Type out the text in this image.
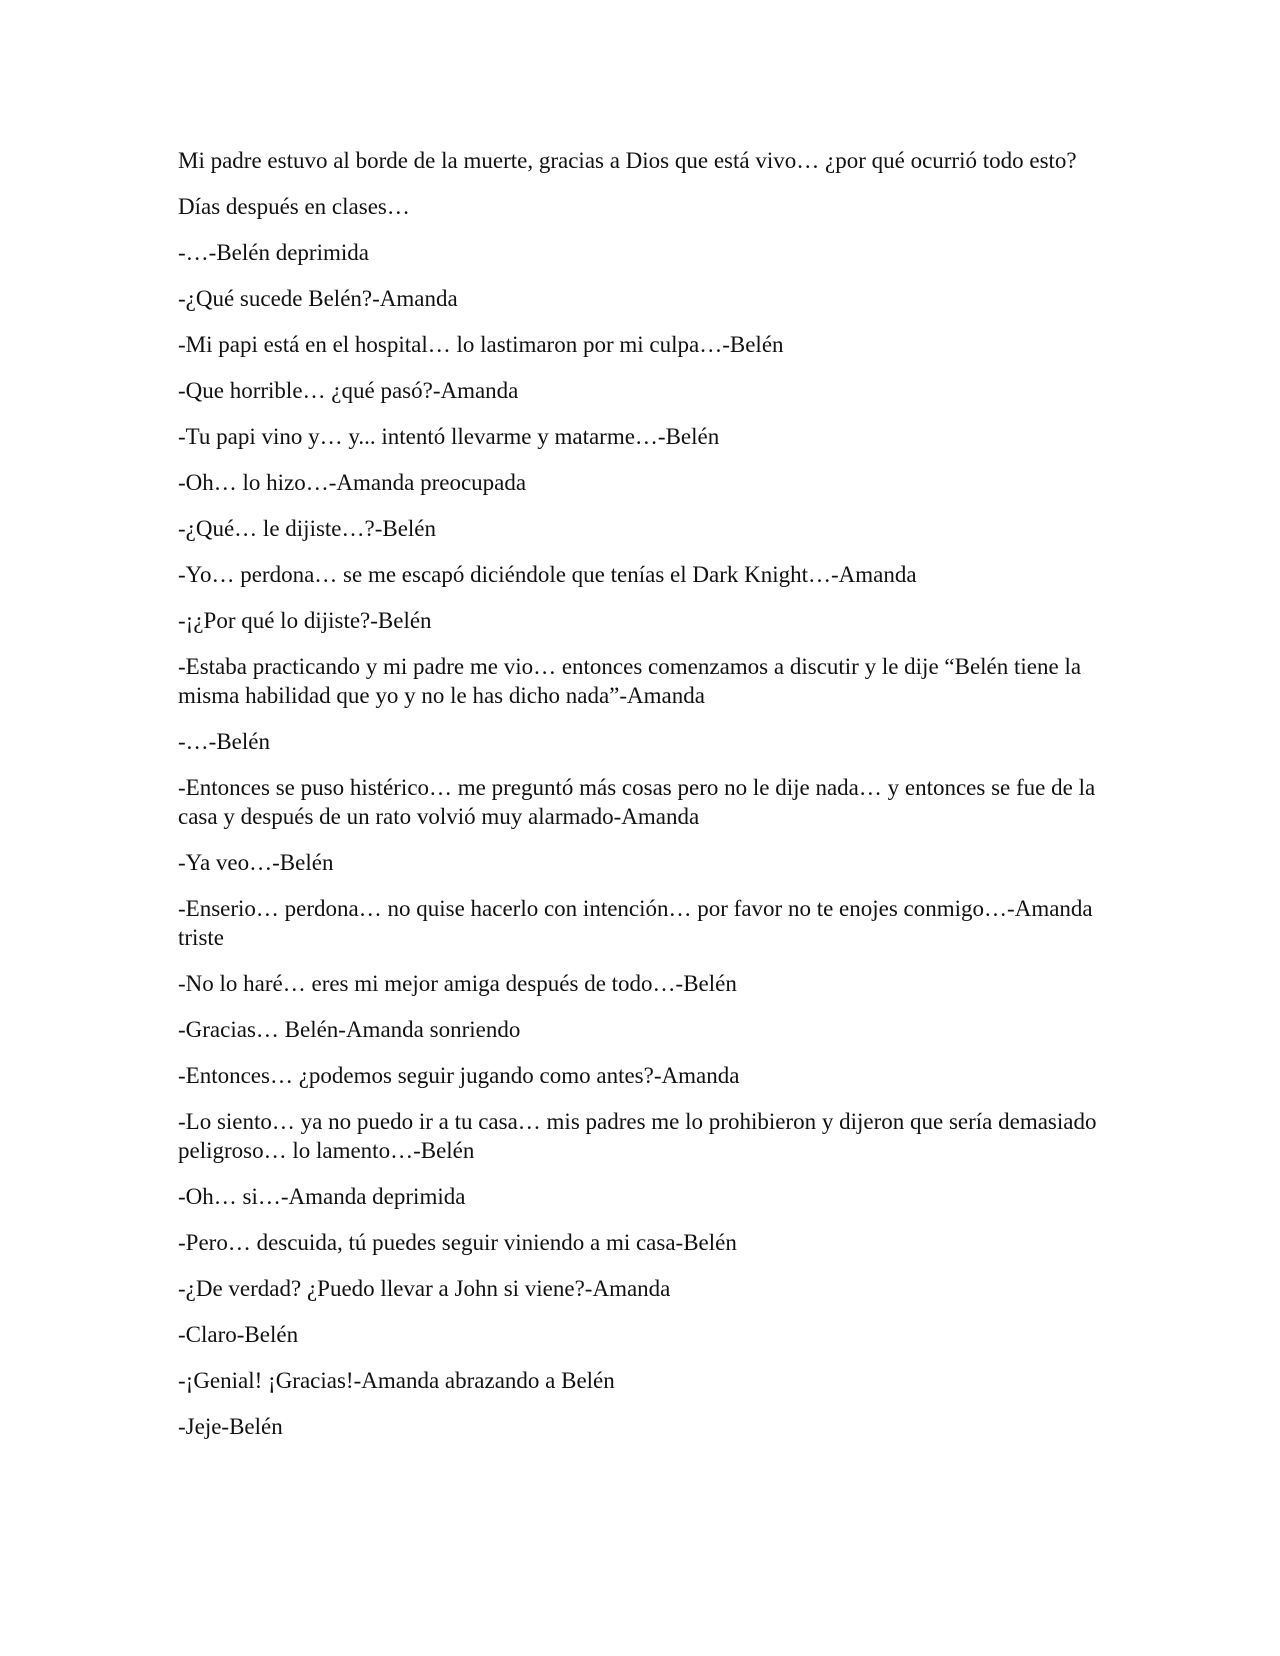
Mi padre estuvo al borde de la muerte, gracias a Dios que está vivo… ¿por qué ocurrió todo esto?

Días después en clases…

-…-Belén deprimida

-¿Qué sucede Belén?-Amanda

-Mi papi está en el hospital… lo lastimaron por mi culpa…-Belén

-Que horrible… ¿qué pasó?-Amanda

-Tu papi vino y… y... intentó llevarme y matarme…-Belén

-Oh… lo hizo…-Amanda preocupada

-¿Qué… le dijiste…?-Belén

-Yo… perdona… se me escapó diciéndole que tenías el Dark Knight…-Amanda

-¡¿Por qué lo dijiste?-Belén

-Estaba practicando y mi padre me vio… entonces comenzamos a discutir y le dije “Belén tiene la misma habilidad que yo y no le has dicho nada”-Amanda

-…-Belén

-Entonces se puso histérico… me preguntó más cosas pero no le dije nada… y entonces se fue de la casa y después de un rato volvió muy alarmado-Amanda

-Ya veo…-Belén

-Enserio… perdona… no quise hacerlo con intención… por favor no te enojes conmigo…-Amanda triste

-No lo haré… eres mi mejor amiga después de todo…-Belén

-Gracias… Belén-Amanda sonriendo

-Entonces… ¿podemos seguir jugando como antes?-Amanda

-Lo siento… ya no puedo ir a tu casa… mis padres me lo prohibieron y dijeron que sería demasiado peligroso… lo lamento…-Belén

-Oh… si…-Amanda deprimida

-Pero… descuida, tú puedes seguir viniendo a mi casa-Belén

-¿De verdad? ¿Puedo llevar a John si viene?-Amanda

-Claro-Belén

-¡Genial! ¡Gracias!-Amanda abrazando a Belén

-Jeje-Belén
